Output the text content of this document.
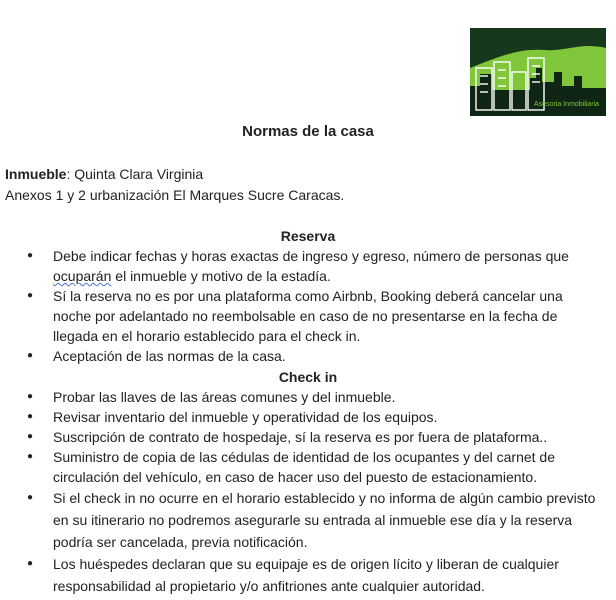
Asesoria Inmobiliaria
Normas de la casa
Inmueble: Quinta Clara Virginia
Anexos 1 y 2 urbanización El Marques Sucre Caracas.
Reserva
● Debe indicar fechas y horas exactas de ingreso y egreso, número de personas que ocuparán el inmueble y motivo de la estadía.
● Sí la reserva no es por una plataforma como Airbnb, Booking deberá cancelar una noche por adelantado no reembolsable en caso de no presentarse en la fecha de llegada en el horario establecido para el check in.
● Aceptación de las normas de la casa.
Check in
● Probar las llaves de las áreas comunes y del inmueble.
● Revisar inventario del inmueble y operatividad de los equipos.
● Suscripción de contrato de hospedaje, sí la reserva es por fuera de plataforma..
● Suministro de copia de las cédulas de identidad de los ocupantes y del carnet de circulación del vehículo, en caso de hacer uso del puesto de estacionamiento.
● Si el check in no ocurre en el horario establecido y no informa de algún cambio previsto en su itinerario no podremos asegurarle su entrada al inmueble ese día y la reserva podría ser cancelada, previa notificación.
● Los huéspedes declaran que su equipaje es de origen lícito y liberan de cualquier responsabilidad al propietario y/o anfitriones ante cualquier autoridad.
